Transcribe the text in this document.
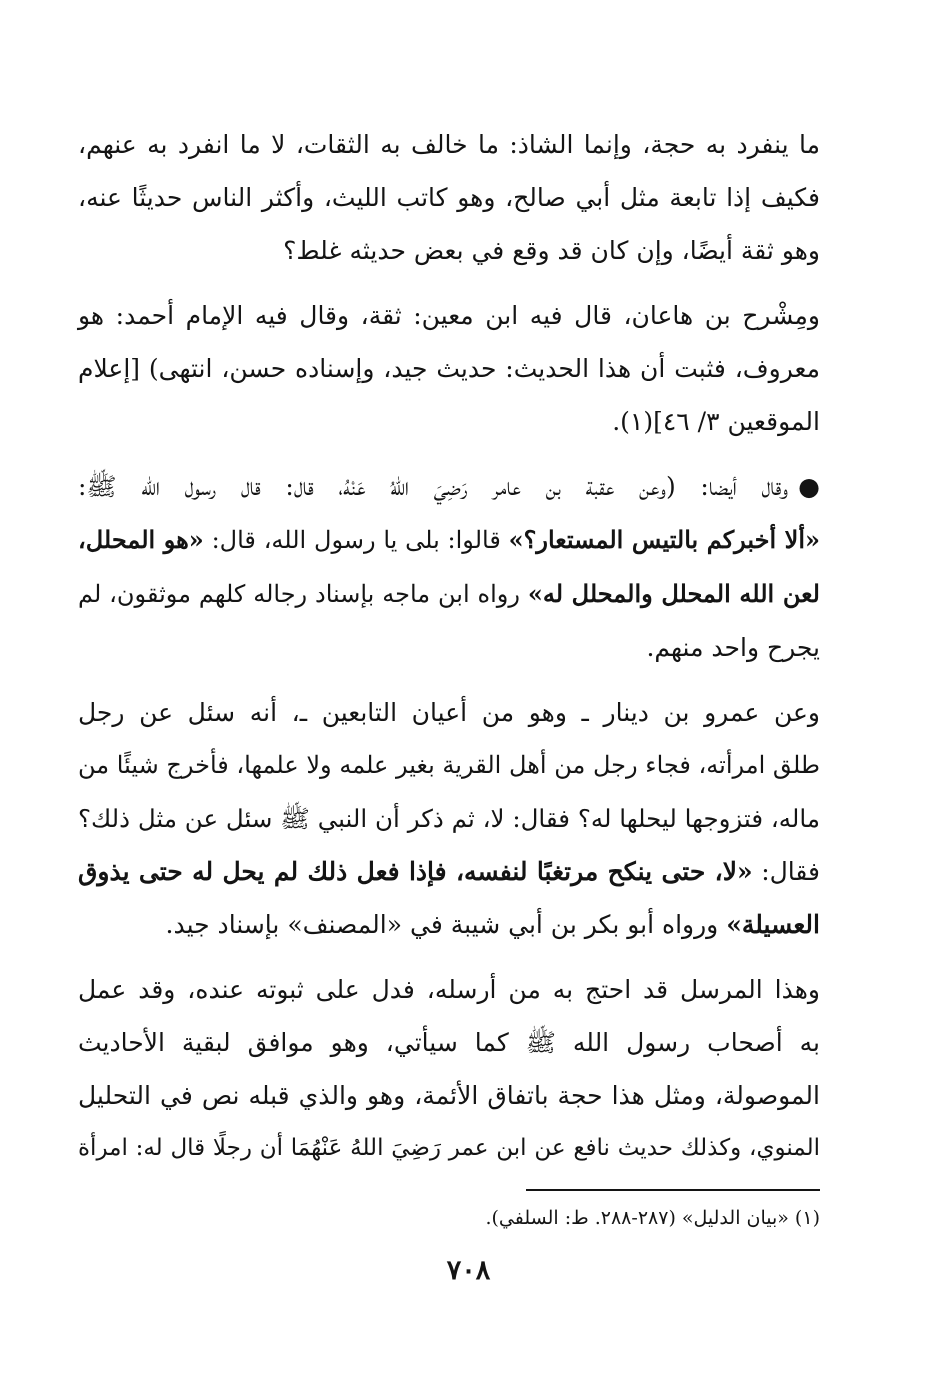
ما ينفرد به حجة، وإنما الشاذ: ما خالف به الثقات، لا ما انفرد به عنهم،
فكيف إذا تابعة مثل أبي صالح، وهو كاتب الليث، وأكثر الناس حديثًا عنه،
وهو ثقة أيضًا، وإن كان قد وقع في بعض حديثه غلط؟

ومِشْرح بن هاعان، قال فيه ابن معين: ثقة، وقال فيه الإمام أحمد: هو
معروف، فثبت أن هذا الحديث: حديث جيد، وإسناده حسن، انتهى) [إعلام
الموقعين ٣/ ٤٦](١).

●وقال أيضا: (وعن عقبة بن عامر رَضِيَ اللهُ عَنْهُ، قال: قال رسول الله ﷺ:
«ألا أخبركم بالتيس المستعار؟» قالوا: بلى يا رسول الله، قال: «هو المحلل،
لعن الله المحلل والمحلل له» رواه ابن ماجه بإسناد رجاله كلهم موثقون، لم
يجرح واحد منهم.

وعن عمرو بن دينار ـ وهو من أعيان التابعين ـ، أنه سئل عن رجل
طلق امرأته، فجاء رجل من أهل القرية بغير علمه ولا علمها، فأخرج شيئًا من
ماله، فتزوجها ليحلها له؟ فقال: لا، ثم ذكر أن النبي ﷺ سئل عن مثل ذلك؟
فقال: «لا، حتى ينكح مرتغبًا لنفسه، فإذا فعل ذلك لم يحل له حتى يذوق
العسيلة» ورواه أبو بكر بن أبي شيبة في «المصنف» بإسناد جيد.

وهذا المرسل قد احتج به من أرسله، فدل على ثبوته عنده، وقد عمل
به أصحاب رسول الله ﷺ كما سيأتي، وهو موافق لبقية الأحاديث
الموصولة، ومثل هذا حجة باتفاق الأئمة، وهو والذي قبله نص في التحليل
المنوي، وكذلك حديث نافع عن ابن عمر رَضِيَ اللهُ عَنْهُمَا أن رجلًا قال له: امرأة

(١) «بيان الدليل» (٢٨٧-٢٨٨. ط: السلفي).

٧٠٨
